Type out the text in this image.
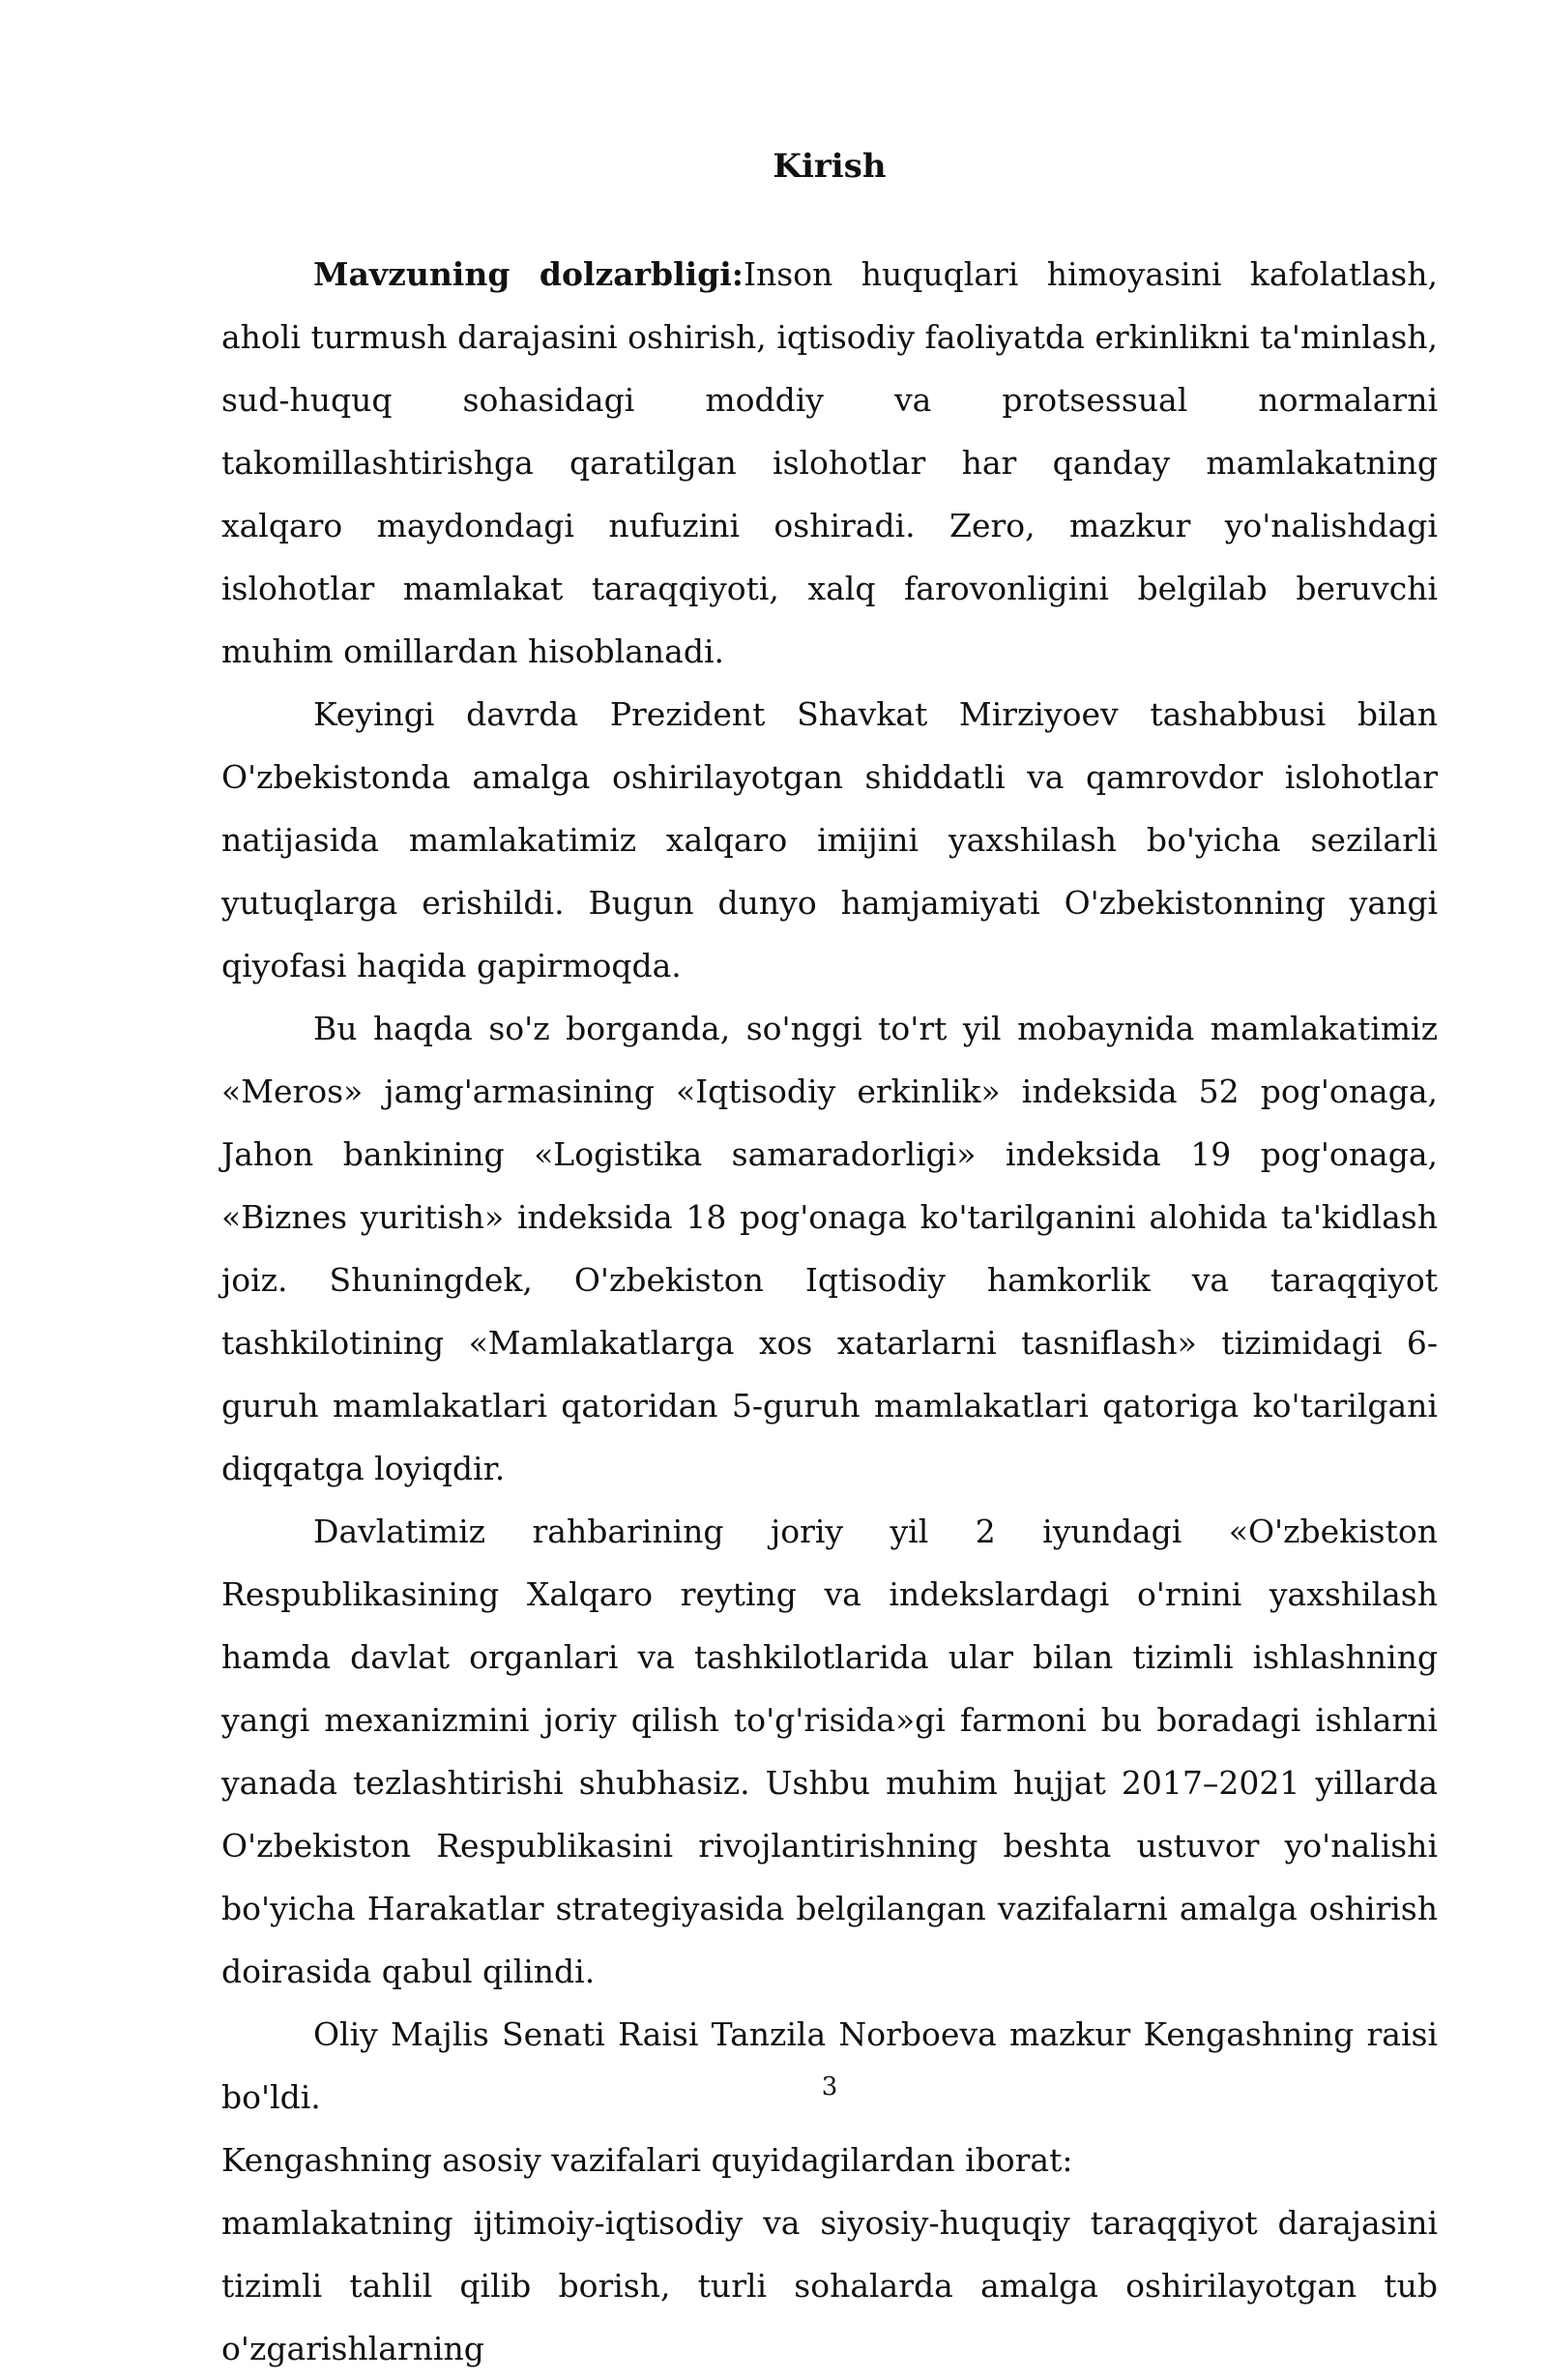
Kirish

Mavzuning dolzarbligi:Inson huquqlari himoyasini kafolatlash, aholi turmush darajasini oshirish, iqtisodiy faoliyatda erkinlikni ta'minlash, sud-huquq sohasidagi moddiy va protsessual normalarni takomillashtirishga qaratilgan islohotlar har qanday mamlakatning xalqaro maydondagi nufuzini oshiradi. Zero, mazkur yo'nalishdagi islohotlar mamlakat taraqqiyoti, xalq farovonligini belgilab beruvchi muhim omillardan hisoblanadi.

Keyingi davrda Prezident Shavkat Mirziyoev tashabbusi bilan O'zbekistonda amalga oshirilayotgan shiddatli va qamrovdor islohotlar natijasida mamlakatimiz xalqaro imijini yaxshilash bo'yicha sezilarli yutuqlarga erishildi. Bugun dunyo hamjamiyati O'zbekistonning yangi qiyofasi haqida gapirmoqda.

Bu haqda so'z borganda, so'nggi to'rt yil mobaynida mamlakatimiz «Meros» jamg'armasining «Iqtisodiy erkinlik» indeksida 52 pog'onaga, Jahon bankining «Logistika samaradorligi» indeksida 19 pog'onaga, «Biznes yuritish» indeksida 18 pog'onaga ko'tarilganini alohida ta'kidlash joiz. Shuningdek, O'zbekiston Iqtisodiy hamkorlik va taraqqiyot tashkilotining «Mamlakatlarga xos xatarlarni tasniflash» tizimidagi 6-guruh mamlakatlari qatoridan 5-guruh mamlakatlari qatoriga ko'tarilgani diqqatga loyiqdir.

Davlatimiz rahbarining joriy yil 2 iyundagi «O'zbekiston Respublikasining Xalqaro reyting va indekslardagi o'rnini yaxshilash hamda davlat organlari va tashkilotlarida ular bilan tizimli ishlashning yangi mexanizmini joriy qilish to'g'risida»gi farmoni bu boradagi ishlarni yanada tezlashtirishi shubhasiz. Ushbu muhim hujjat 2017–2021 yillarda O'zbekiston Respublikasini rivojlantirishning beshta ustuvor yo'nalishi bo'yicha Harakatlar strategiyasida belgilangan vazifalarni amalga oshirish doirasida qabul qilindi.

Oliy Majlis Senati Raisi Tanzila Norboeva mazkur Kengashning raisi bo'ldi.

Kengashning asosiy vazifalari quyidagilardan iborat:

mamlakatning ijtimoiy-iqtisodiy va siyosiy-huquqiy taraqqiyot darajasini tizimli tahlil qilib borish, turli sohalarda amalga oshirilayotgan tub o'zgarishlarning

3
